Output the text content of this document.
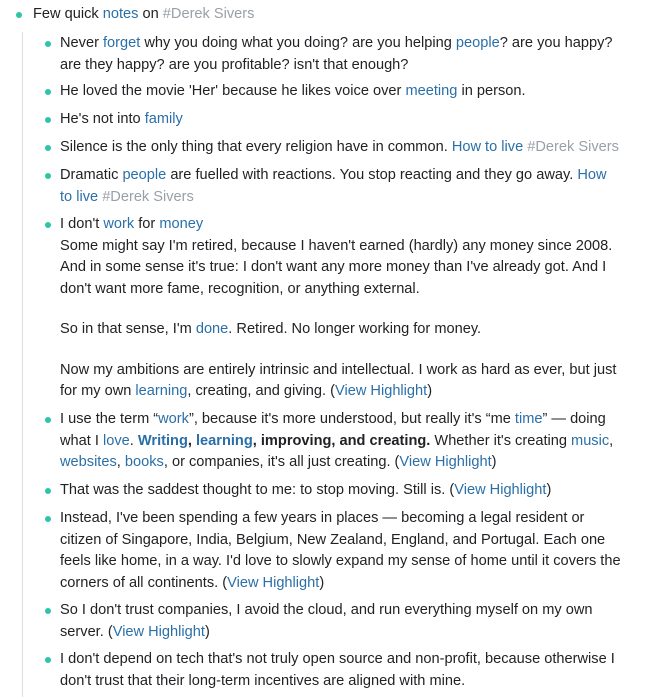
Few quick notes on #Derek Sivers
Never forget why you doing what you doing? are you helping people? are you happy?
are they happy? are you profitable? isn't that enough?
He loved the movie 'Her' because he likes voice over meeting in person.
He's not into family
Silence is the only thing that every religion have in common. How to live #Derek Sivers
Dramatic people are fuelled with reactions. You stop reacting and they go away. How
to live #Derek Sivers
I don't work for money
Some might say I'm retired, because I haven't earned (hardly) any money since 2008.
And in some sense it's true: I don't want any more money than I've already got. And I
don't want more fame, recognition, or anything external.
So in that sense, I'm done. Retired. No longer working for money.
Now my ambitions are entirely intrinsic and intellectual. I work as hard as ever, but just
for my own learning, creating, and giving. (View Highlight)
I use the term “work”, because it's more understood, but really it's “me time” — doing
what I love. Writing, learning, improving, and creating. Whether it's creating music,
websites, books, or companies, it's all just creating. (View Highlight)
That was the saddest thought to me: to stop moving. Still is. (View Highlight)
Instead, I've been spending a few years in places — becoming a legal resident or
citizen of Singapore, India, Belgium, New Zealand, England, and Portugal. Each one
feels like home, in a way. I'd love to slowly expand my sense of home until it covers the
corners of all continents. (View Highlight)
So I don't trust companies, I avoid the cloud, and run everything myself on my own
server. (View Highlight)
I don't depend on tech that's not truly open source and non-profit, because otherwise I
don't trust that their long-term incentives are aligned with mine.
